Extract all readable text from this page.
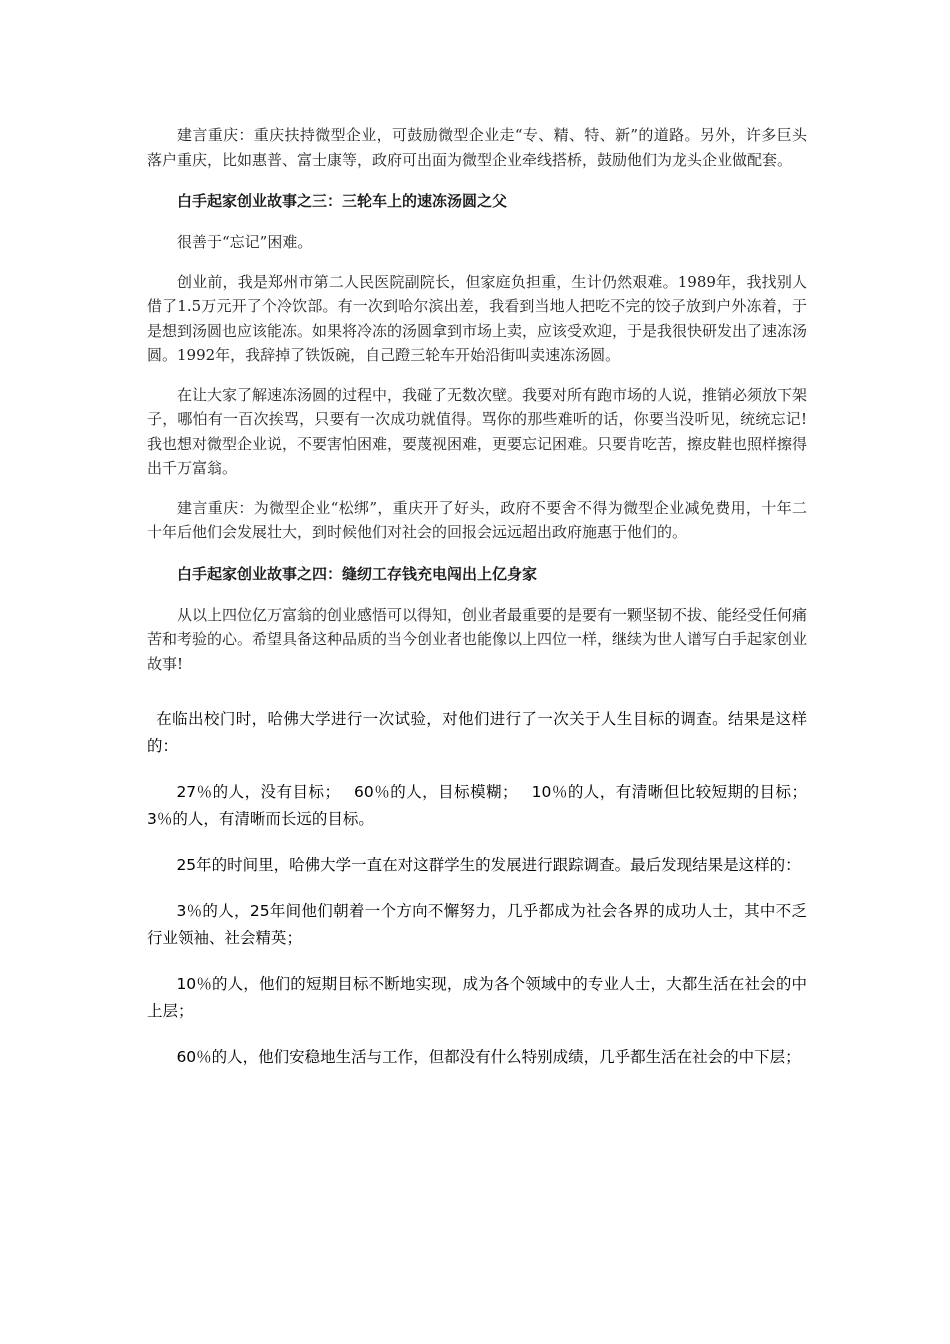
建言重庆：重庆扶持微型企业，可鼓励微型企业走“专、精、特、新”的道路。另外，许多巨头落户重庆，比如惠普、富士康等，政府可出面为微型企业牵线搭桥，鼓励他们为龙头企业做配套。

白手起家创业故事之三：三轮车上的速冻汤圆之父

很善于“忘记”困难。

创业前，我是郑州市第二人民医院副院长，但家庭负担重，生计仍然艰难。1989年，我找别人借了1.5万元开了个冷饮部。有一次到哈尔滨出差，我看到当地人把吃不完的饺子放到户外冻着，于是想到汤圆也应该能冻。如果将冷冻的汤圆拿到市场上卖，应该受欢迎，于是我很快研发出了速冻汤圆。1992年，我辞掉了铁饭碗，自己蹬三轮车开始沿街叫卖速冻汤圆。

在让大家了解速冻汤圆的过程中，我碰了无数次壁。我要对所有跑市场的人说，推销必须放下架子，哪怕有一百次挨骂，只要有一次成功就值得。骂你的那些难听的话，你要当没听见，统统忘记!我也想对微型企业说，不要害怕困难，要蔑视困难，更要忘记困难。只要肯吃苦，擦皮鞋也照样擦得出千万富翁。

建言重庆：为微型企业“松绑”，重庆开了好头，政府不要舍不得为微型企业减免费用，十年二十年后他们会发展壮大，到时候他们对社会的回报会远远超出政府施惠于他们的。

白手起家创业故事之四：缝纫工存钱充电闯出上亿身家

从以上四位亿万富翁的创业感悟可以得知，创业者最重要的是要有一颗坚韧不拔、能经受任何痛苦和考验的心。希望具备这种品质的当今创业者也能像以上四位一样，继续为世人谱写白手起家创业故事!

在临出校门时，哈佛大学进行一次试验，对他们进行了一次关于人生目标的调查。结果是这样的：

27％的人，没有目标；　 60％的人，目标模糊；　 10％的人，有清晰但比较短期的目标；3％的人，有清晰而长远的目标。

25年的时间里，哈佛大学一直在对这群学生的发展进行跟踪调查。最后发现结果是这样的：

3％的人，25年间他们朝着一个方向不懈努力，几乎都成为社会各界的成功人士，其中不乏行业领袖、社会精英；

10％的人，他们的短期目标不断地实现，成为各个领域中的专业人士，大都生活在社会的中上层；

60％的人，他们安稳地生活与工作，但都没有什么特别成绩，几乎都生活在社会的中下层；
